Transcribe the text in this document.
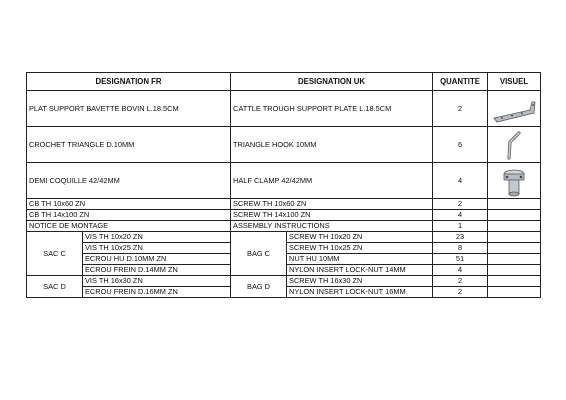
DESIGNATION FR		DESIGNATION UK		QUANTITE	VISUEL
PLAT SUPPORT BAVETTE BOVIN L.18.5CM		CATTLE TROUGH SUPPORT PLATE L.18.5CM		2	

CROCHET TRIANGLE D.10MM		TRIANGLE HOOK 10MM		6	

DEMI COQUILLE 42/42MM		HALF CLAMP 42/42MM		4	

CB TH 10x60 ZN		SCREW TH 10x60 ZN		2	
CB TH 14x100 ZN		SCREW TH 14x100 ZN		4	
NOTICE DE MONTAGE		ASSEMBLY INSTRUCTIONS		1	
SAC C	VIS TH 10x20 ZN	BAG C	SCREW TH 10x20 ZN	23	
	VIS TH 10x25 ZN		SCREW TH 10x25 ZN	8	
	ECROU HU D.10MM ZN		NUT HU 10MM	51	
	ECROU FREIN D.14MM ZN		NYLON INSERT LOCK-NUT 14MM	4	
SAC D	VIS TH 16x30 ZN	BAG D	SCREW TH 16x30 ZN	2	
	ECROU FREIN D.16MM ZN		NYLON INSERT LOCK-NUT 16MM	2	
